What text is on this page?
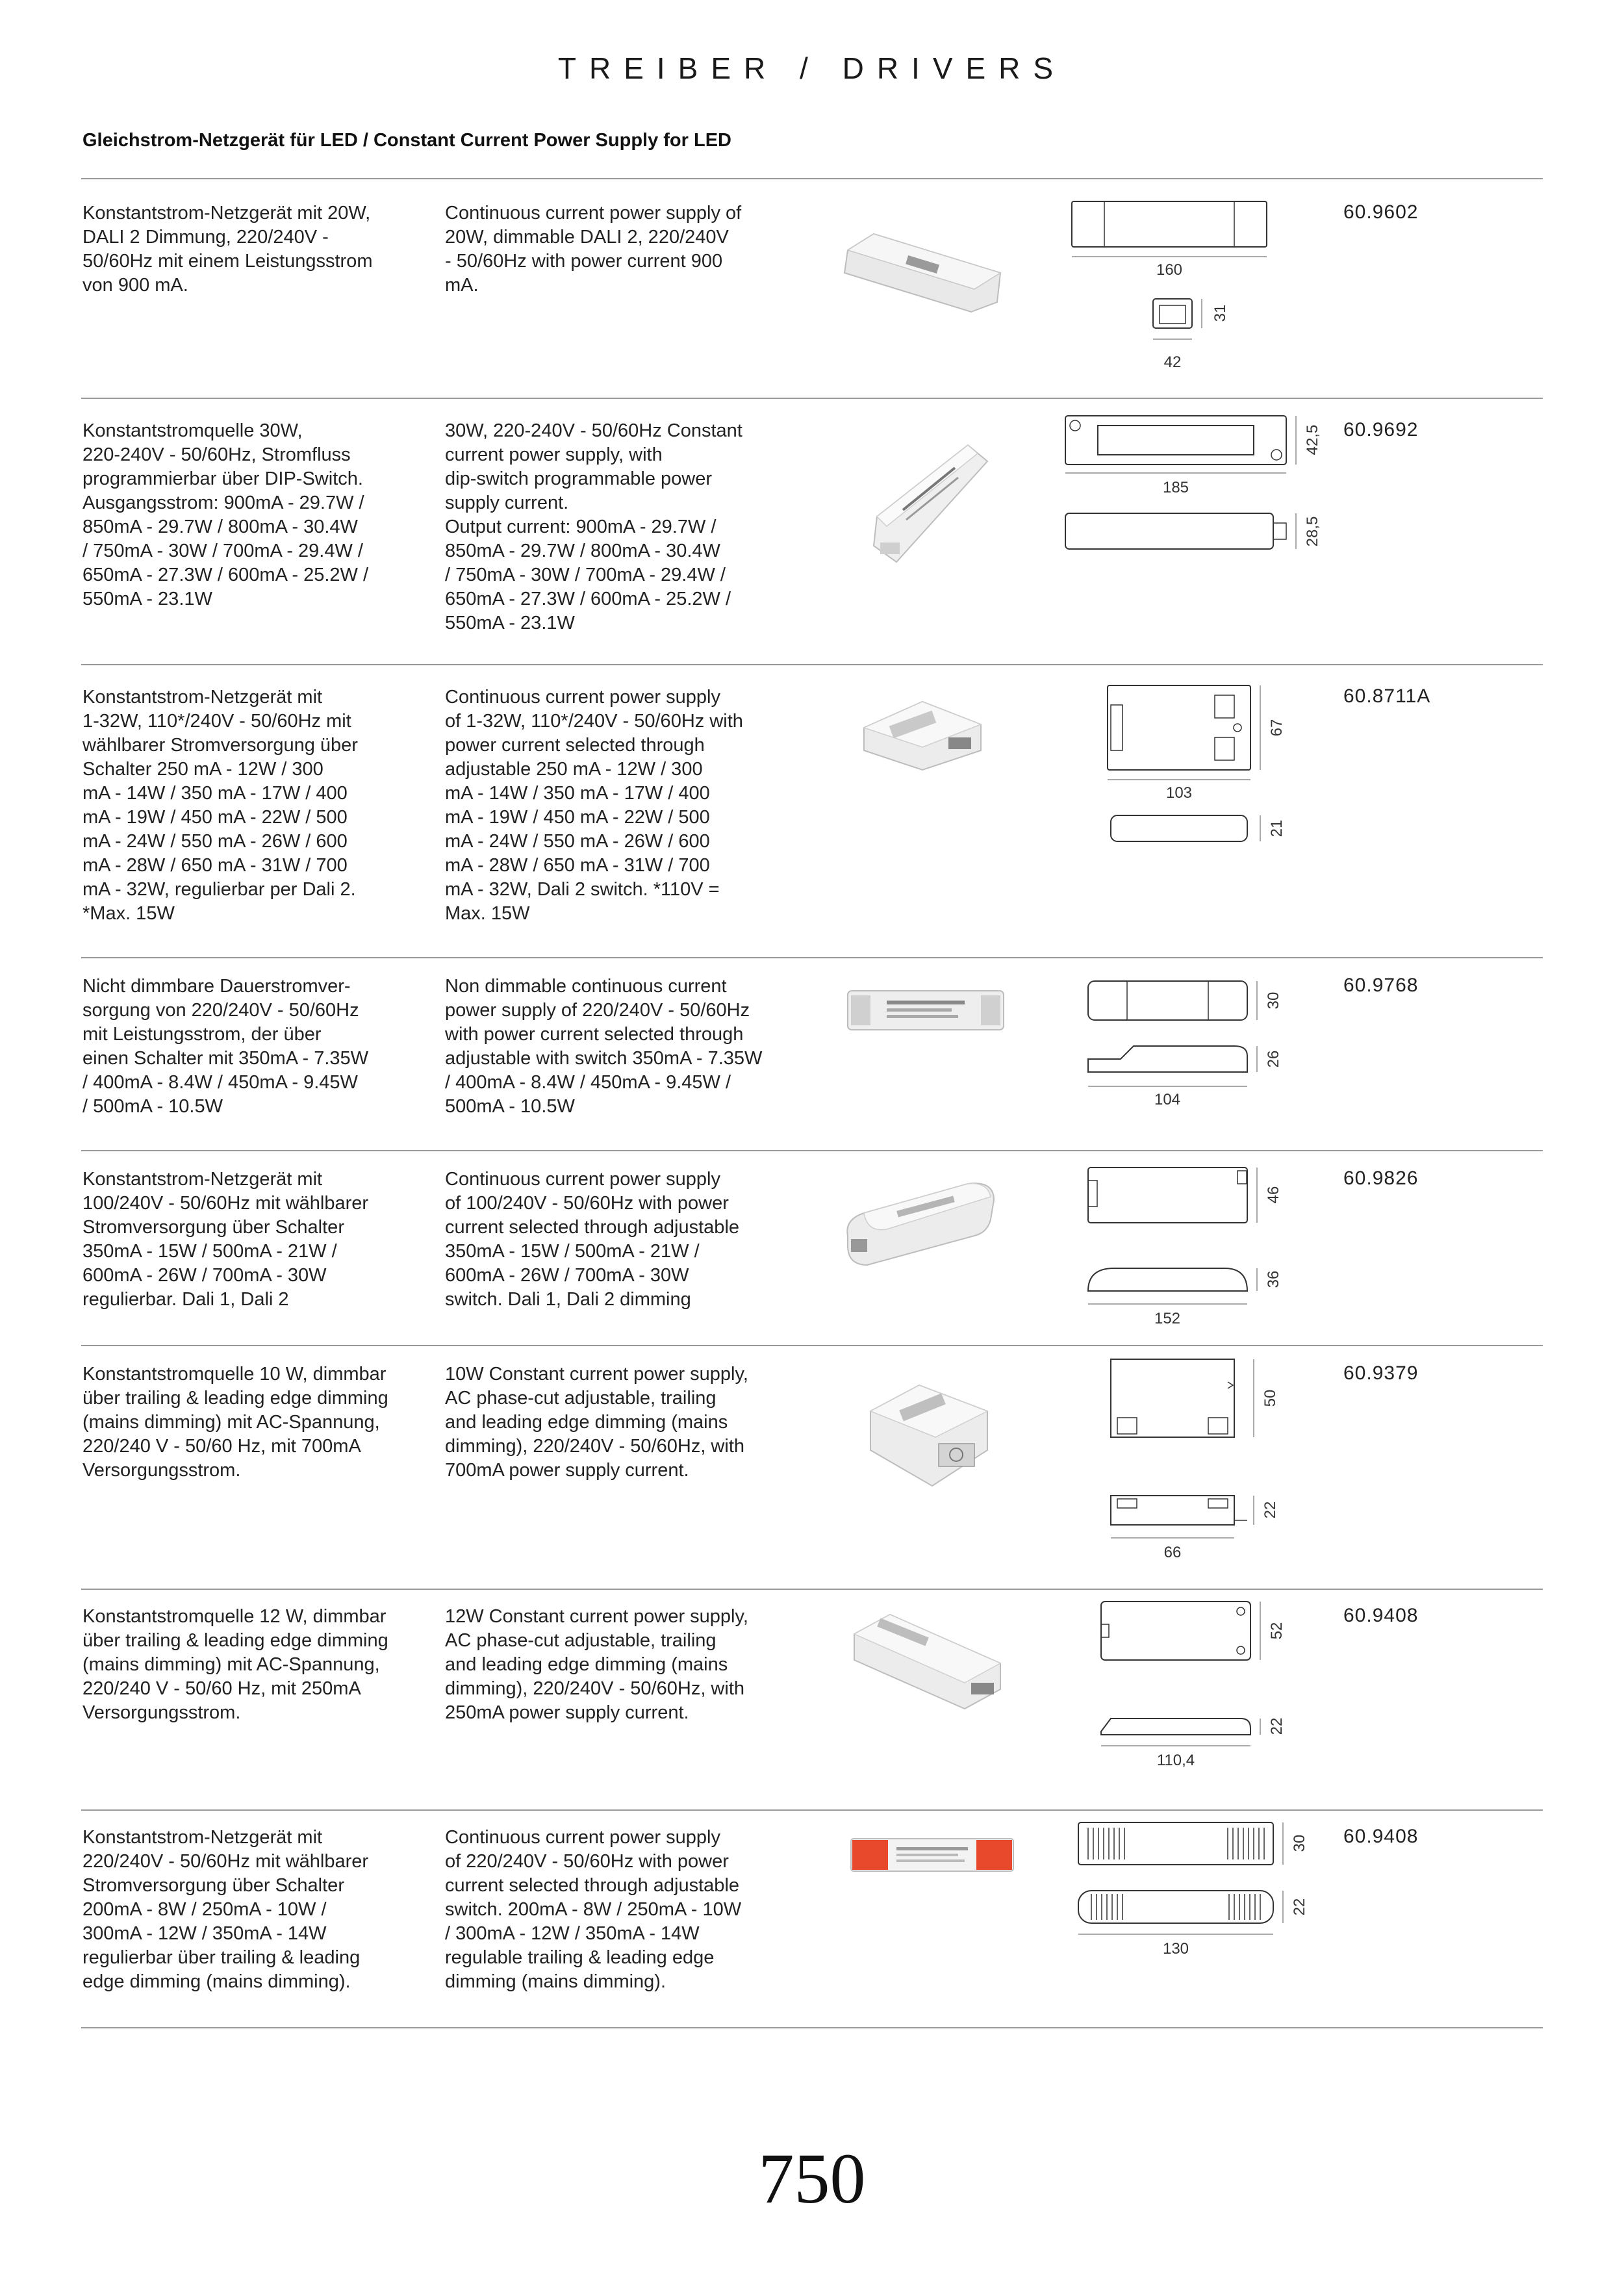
TREIBER / DRIVERS
Gleichstrom-Netzgerät für LED / Constant Current Power Supply for LED
Konstantstrom-Netzgerät mit 20W,
DALI 2 Dimmung, 220/240V -
50/60Hz mit einem Leistungsstrom
von 900 mA.
Continuous current power supply of
20W, dimmable DALI 2, 220/240V
- 50/60Hz with power current 900
mA.
160
31
42
60.9602
Konstantstromquelle 30W,
220-240V - 50/60Hz, Stromfluss
programmierbar über DIP-Switch.
Ausgangsstrom: 900mA - 29.7W /
850mA - 29.7W / 800mA - 30.4W
/ 750mA - 30W / 700mA - 29.4W /
650mA - 27.3W / 600mA - 25.2W /
550mA - 23.1W
30W, 220-240V - 50/60Hz Constant
current power supply, with
dip-switch programmable power
supply current.
Output current: 900mA - 29.7W /
850mA - 29.7W / 800mA - 30.4W
/ 750mA - 30W / 700mA - 29.4W /
650mA - 27.3W / 600mA - 25.2W /
550mA - 23.1W
42,5
185
28,5
60.9692
Konstantstrom-Netzgerät mit
1-32W, 110*/240V - 50/60Hz mit
wählbarer Stromversorgung über
Schalter 250 mA - 12W / 300
mA - 14W / 350 mA - 17W / 400
mA - 19W / 450 mA - 22W / 500
mA - 24W / 550 mA - 26W / 600
mA - 28W / 650 mA - 31W / 700
mA - 32W, regulierbar per Dali 2.
*Max. 15W
Continuous current power supply
of 1-32W, 110*/240V - 50/60Hz with
power current selected through
adjustable 250 mA - 12W / 300
mA - 14W / 350 mA - 17W / 400
mA - 19W / 450 mA - 22W / 500
mA - 24W / 550 mA - 26W / 600
mA - 28W / 650 mA - 31W / 700
mA - 32W, Dali 2 switch. *110V =
Max. 15W
67
103
21
60.8711A
Nicht dimmbare Dauerstromver-
sorgung von 220/240V - 50/60Hz
mit Leistungsstrom, der über
einen Schalter mit 350mA - 7.35W
/ 400mA - 8.4W / 450mA - 9.45W
/ 500mA - 10.5W
Non dimmable continuous current
power supply of 220/240V - 50/60Hz
with power current selected through
adjustable with switch 350mA - 7.35W
/ 400mA - 8.4W / 450mA - 9.45W /
500mA - 10.5W
30
26
104
60.9768
Konstantstrom-Netzgerät mit
100/240V - 50/60Hz mit wählbarer
Stromversorgung über Schalter
350mA - 15W / 500mA - 21W /
600mA - 26W / 700mA - 30W
regulierbar. Dali 1, Dali 2
Continuous current power supply
of 100/240V - 50/60Hz with power
current selected through adjustable
350mA - 15W / 500mA - 21W /
600mA - 26W / 700mA - 30W
switch. Dali 1, Dali 2 dimming
46
36
152
60.9826
Konstantstromquelle 10 W, dimmbar
über trailing & leading edge dimming
(mains dimming) mit AC-Spannung,
220/240 V - 50/60 Hz, mit 700mA
Versorgungsstrom.
10W Constant current power supply,
AC phase-cut adjustable, trailing
and leading edge dimming (mains
dimming), 220/240V - 50/60Hz, with
700mA power supply current.
50
22
66
60.9379
Konstantstromquelle 12 W, dimmbar
über trailing & leading edge dimming
(mains dimming) mit AC-Spannung,
220/240 V - 50/60 Hz, mit 250mA
Versorgungsstrom.
12W Constant current power supply,
AC phase-cut adjustable, trailing
and leading edge dimming (mains
dimming), 220/240V - 50/60Hz, with
250mA power supply current.
52
22
110,4
60.9408
Konstantstrom-Netzgerät mit
220/240V - 50/60Hz mit wählbarer
Stromversorgung über Schalter
200mA - 8W / 250mA - 10W /
300mA - 12W / 350mA - 14W
regulierbar über trailing & leading
edge dimming (mains dimming).
Continuous current power supply
of 220/240V - 50/60Hz with power
current selected through adjustable
switch. 200mA - 8W / 250mA - 10W
/ 300mA - 12W / 350mA - 14W
regulable trailing & leading edge
dimming (mains dimming).
30
22
130
60.9408
750
